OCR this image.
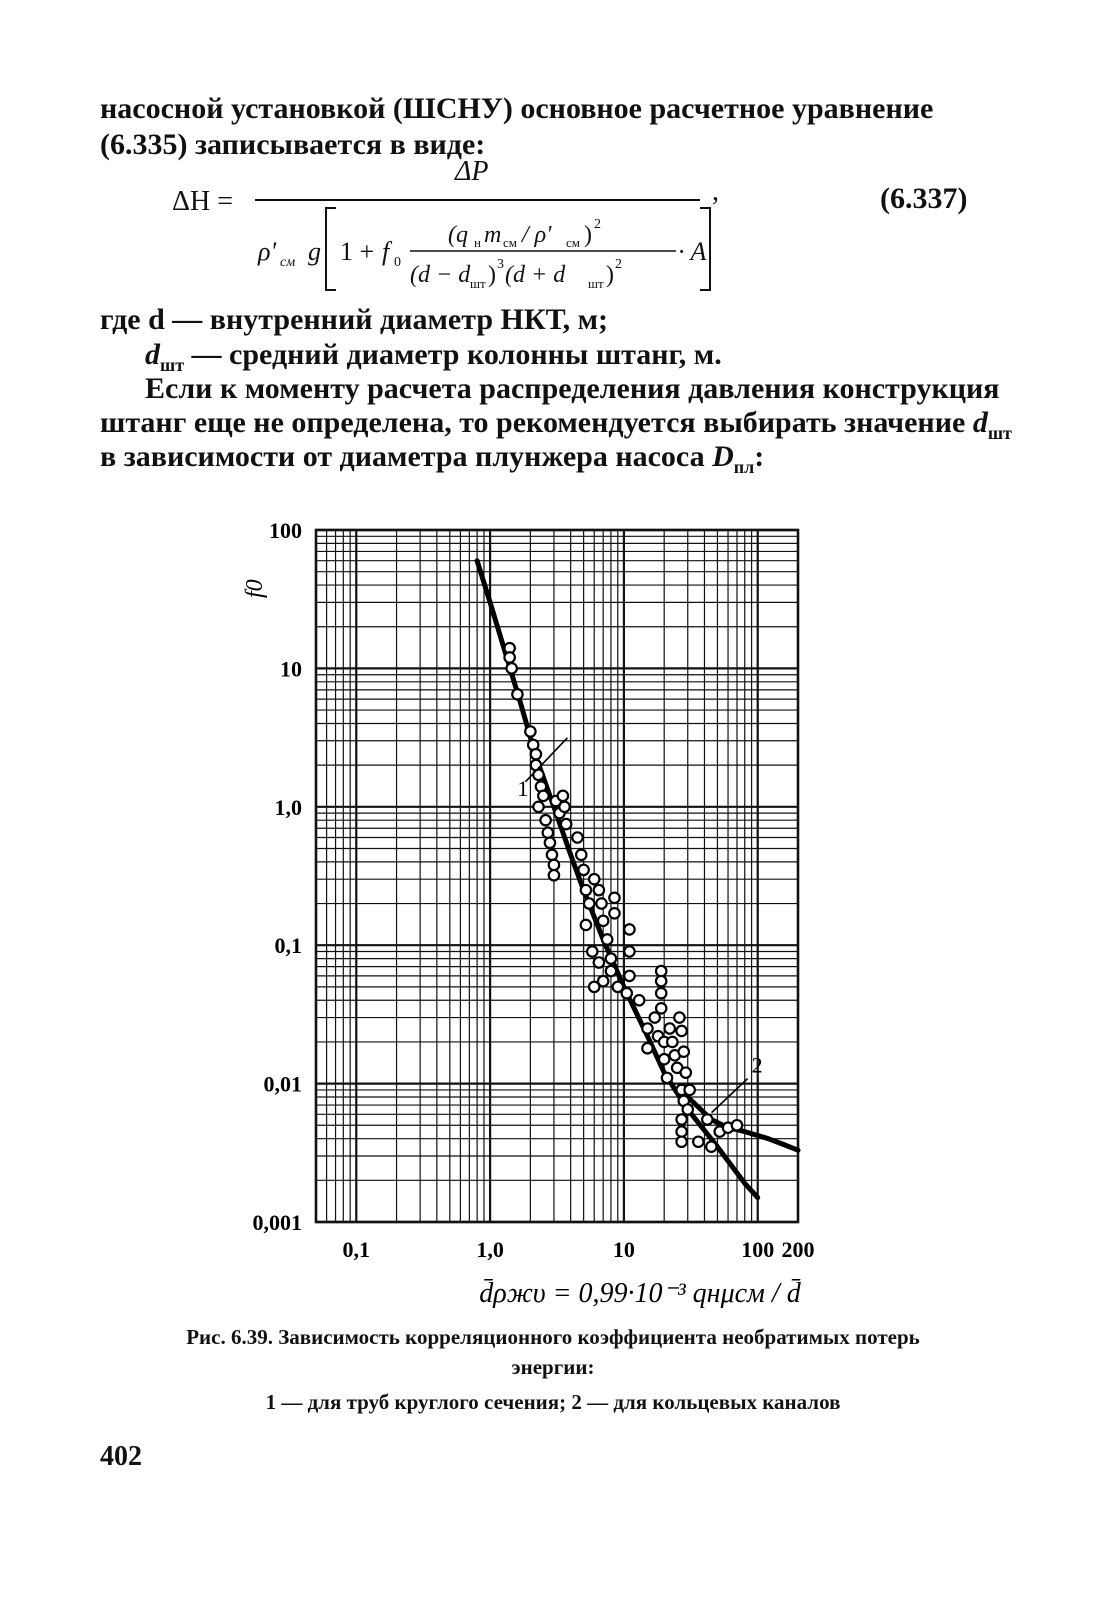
насосной установкой (ШСНУ) основное расчетное уравнение
(6.335) записывается в виде:
ΔH =
ΔP
,	(6.337)
ρ' см g 1 + f 0
(q н m см / ρ' см ) 2
(d − d шт ) 3 (d + d шт ) 2 · A
где d — внутренний диаметр НКТ, м;
$d_{шт}$ — средний диаметр колонны штанг, м.
Если к моменту расчета распределения давления конструкция
штанг еще не определена, то рекомендуется выбирать значение $d_{шт}$
в зависимости от диаметра плунжера насоса $D_{пл}$:
1
2
0,1	1,0	10	100 200
100
10
1,0
0,1
0,01
0,001
f0
d̄ρжυ = 0,99·10⁻³ qнμсм / d̄
Рис. 6.39. Зависимость корреляционного коэффициента необратимых потерь
энергии:
1 — для труб круглого сечения; 2 — для кольцевых каналов
402
